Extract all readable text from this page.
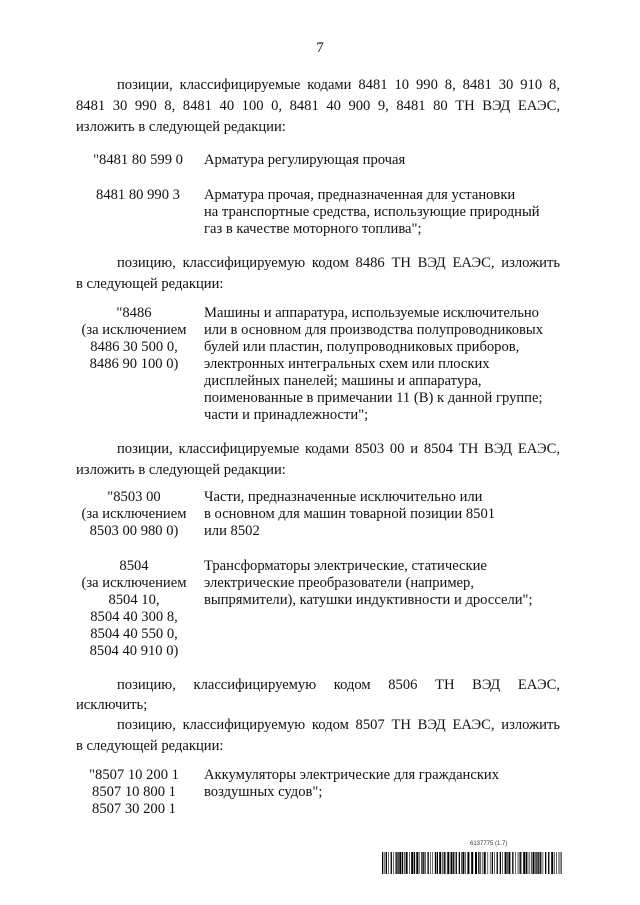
7
позиции, классифицируемые кодами 8481 10 990 8, 8481 30 910 8,
8481 30 990 8, 8481 40 100 0, 8481 40 900 9, 8481 80 ТН ВЭД ЕАЭС,
изложить в следующей редакции:
"8481 80 599 0	Арматура регулирующая прочая
8481 80 990 3	Арматура прочая, предназначенная для установки
на транспортные средства, использующие природный
газ в качестве моторного топлива";
позицию, классифицируемую кодом 8486 ТН ВЭД ЕАЭС, изложить
в следующей редакции:
"8486
(за исключением
8486 30 500 0,
8486 90 100 0)
Машины и аппаратура, используемые исключительно
или в основном для производства полупроводниковых
булей или пластин, полупроводниковых приборов,
электронных интегральных схем или плоских
дисплейных панелей; машины и аппаратура,
поименованные в примечании 11 (В) к данной группе;
части и принадлежности";
позиции, классифицируемые кодами 8503 00 и 8504 ТН ВЭД ЕАЭС,
изложить в следующей редакции:
"8503 00
(за исключением
8503 00 980 0)
Части, предназначенные исключительно или
в основном для машин товарной позиции 8501
или 8502
8504
(за исключением
8504 10,
8504 40 300 8,
8504 40 550 0,
8504 40 910 0)
Трансформаторы электрические, статические
электрические преобразователи (например,
выпрямители), катушки индуктивности и дроссели";
позицию, классифицируемую кодом 8506 ТН ВЭД ЕАЭС,
исключить;
позицию, классифицируемую кодом 8507 ТН ВЭД ЕАЭС, изложить
в следующей редакции:
"8507 10 200 1
8507 10 800 1
8507 30 200 1
Аккумуляторы электрические для гражданских
воздушных судов";
6137775 (1.7)
